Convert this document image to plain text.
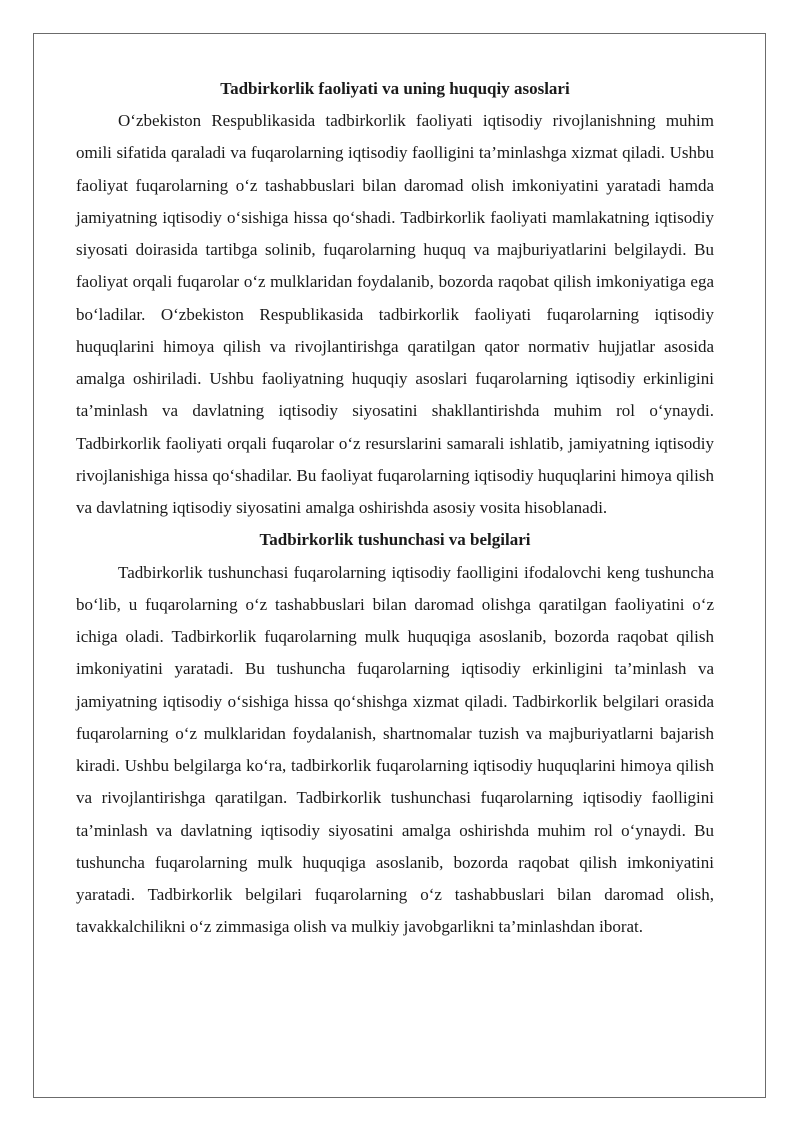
Tadbirkorlik faoliyati va uning huquqiy asoslari

O‘zbekiston Respublikasida tadbirkorlik faoliyati iqtisodiy rivojlanishning muhim omili sifatida qaraladi va fuqarolarning iqtisodiy faolligini ta’minlashga xizmat qiladi. Ushbu faoliyat fuqarolarning o‘z tashabbuslari bilan daromad olish imkoniyatini yaratadi hamda jamiyatning iqtisodiy o‘sishiga hissa qo‘shadi. Tadbirkorlik faoliyati mamlakatning iqtisodiy siyosati doirasida tartibga solinib, fuqarolarning huquq va majburiyatlarini belgilaydi. Bu faoliyat orqali fuqarolar o‘z mulklaridan foydalanib, bozorda raqobat qilish imkoniyatiga ega bo‘ladilar. O‘zbekiston Respublikasida tadbirkorlik faoliyati fuqarolarning iqtisodiy huquqlarini himoya qilish va rivojlantirishga qaratilgan qator normativ hujjatlar asosida amalga oshiriladi. Ushbu faoliyatning huquqiy asoslari fuqarolarning iqtisodiy erkinligini ta’minlash va davlatning iqtisodiy siyosatini shakllantirishda muhim rol o‘ynaydi. Tadbirkorlik faoliyati orqali fuqarolar o‘z resurslarini samarali ishlatib, jamiyatning iqtisodiy rivojlanishiga hissa qo‘shadilar. Bu faoliyat fuqarolarning iqtisodiy huquqlarini himoya qilish va davlatning iqtisodiy siyosatini amalga oshirishda asosiy vosita hisoblanadi.

Tadbirkorlik tushunchasi va belgilari

Tadbirkorlik tushunchasi fuqarolarning iqtisodiy faolligini ifodalovchi keng tushuncha bo‘lib, u fuqarolarning o‘z tashabbuslari bilan daromad olishga qaratilgan faoliyatini o‘z ichiga oladi. Tadbirkorlik fuqarolarning mulk huquqiga asoslanib, bozorda raqobat qilish imkoniyatini yaratadi. Bu tushuncha fuqarolarning iqtisodiy erkinligini ta’minlash va jamiyatning iqtisodiy o‘sishiga hissa qo‘shishga xizmat qiladi. Tadbirkorlik belgilari orasida fuqarolarning o‘z mulklaridan foydalanish, shartnomalar tuzish va majburiyatlarni bajarish kiradi. Ushbu belgilarga ko‘ra, tadbirkorlik fuqarolarning iqtisodiy huquqlarini himoya qilish va rivojlantirishga qaratilgan. Tadbirkorlik tushunchasi fuqarolarning iqtisodiy faolligini ta’minlash va davlatning iqtisodiy siyosatini amalga oshirishda muhim rol o‘ynaydi. Bu tushuncha fuqarolarning mulk huquqiga asoslanib, bozorda raqobat qilish imkoniyatini yaratadi. Tadbirkorlik belgilari fuqarolarning o‘z tashabbuslari bilan daromad olish, tavakkalchilikni o‘z zimmasiga olish va mulkiy javobgarlikni ta’minlashdan iborat.
